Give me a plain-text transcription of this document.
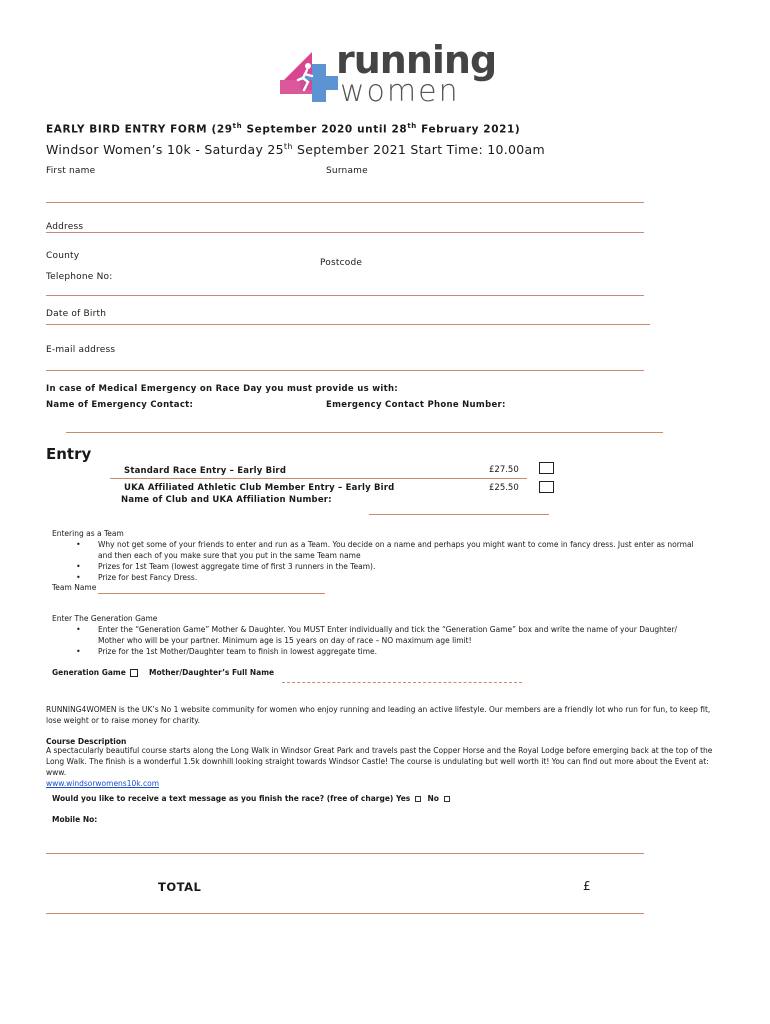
running
women
EARLY BIRD ENTRY FORM (29th September 2020 until 28th February 2021)
Windsor Women’s 10k - Saturday 25th September 2021 Start Time: 10.00am
First name	Surname
Address
County
Postcode
Telephone No:
Date of Birth
E-mail address
In case of Medical Emergency on Race Day you must provide us with:
Name of Emergency Contact:	Emergency Contact Phone Number:
Entry
Standard Race Entry – Early Bird	£27.50
UKA Affiliated Athletic Club Member Entry – Early Bird	£25.50
Name of Club and UKA Affiliation Number:
Entering as a Team
• Why not get some of your friends to enter and run as a Team. You decide on a name and perhaps you might want to come in fancy dress. Just enter as normal and then each of you make sure that you put in the same Team name
• Prizes for 1st Team (lowest aggregate time of first 3 runners in the Team).
• Prize for best Fancy Dress.
Team Name
Enter The Generation Game
• Enter the “Generation Game” Mother & Daughter. You MUST Enter individually and tick the “Generation Game” box and write the name of your Daughter/ Mother who will be your partner. Minimum age is 15 years on day of race – NO maximum age limit!
• Prize for the 1st Mother/Daughter team to finish in lowest aggregate time.
Generation Game	Mother/Daughter’s Full Name
RUNNING4WOMEN is the UK’s No 1 website community for women who enjoy running and leading an active lifestyle. Our members are a friendly lot who run for fun, to keep fit, lose weight or to raise money for charity.
Course Description
A spectacularly beautiful course starts along the Long Walk in Windsor Great Park and travels past the Copper Horse and the Royal Lodge before emerging back at the top of the Long Walk. The finish is a wonderful 1.5k downhill looking straight towards Windsor Castle! The course is undulating but well worth it! You can find out more about the Event at: www.
www.windsorwomens10k.com
Would you like to receive a text message as you finish the race? (free of charge) Yes No
Mobile No:
TOTAL	£
